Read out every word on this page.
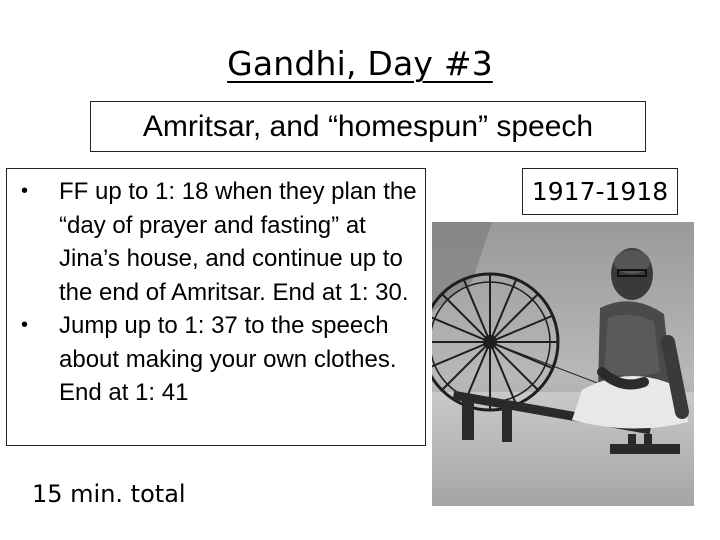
Gandhi, Day #3
Amritsar, and “homespun” speech
• FF up to 1: 18 when they plan the “day of prayer and fasting” at Jina’s house, and continue up to the end of Amritsar. End at 1: 30.
• Jump up to 1: 37 to the speech about making your own clothes. End at 1: 41
15 min. total
1917-1918
